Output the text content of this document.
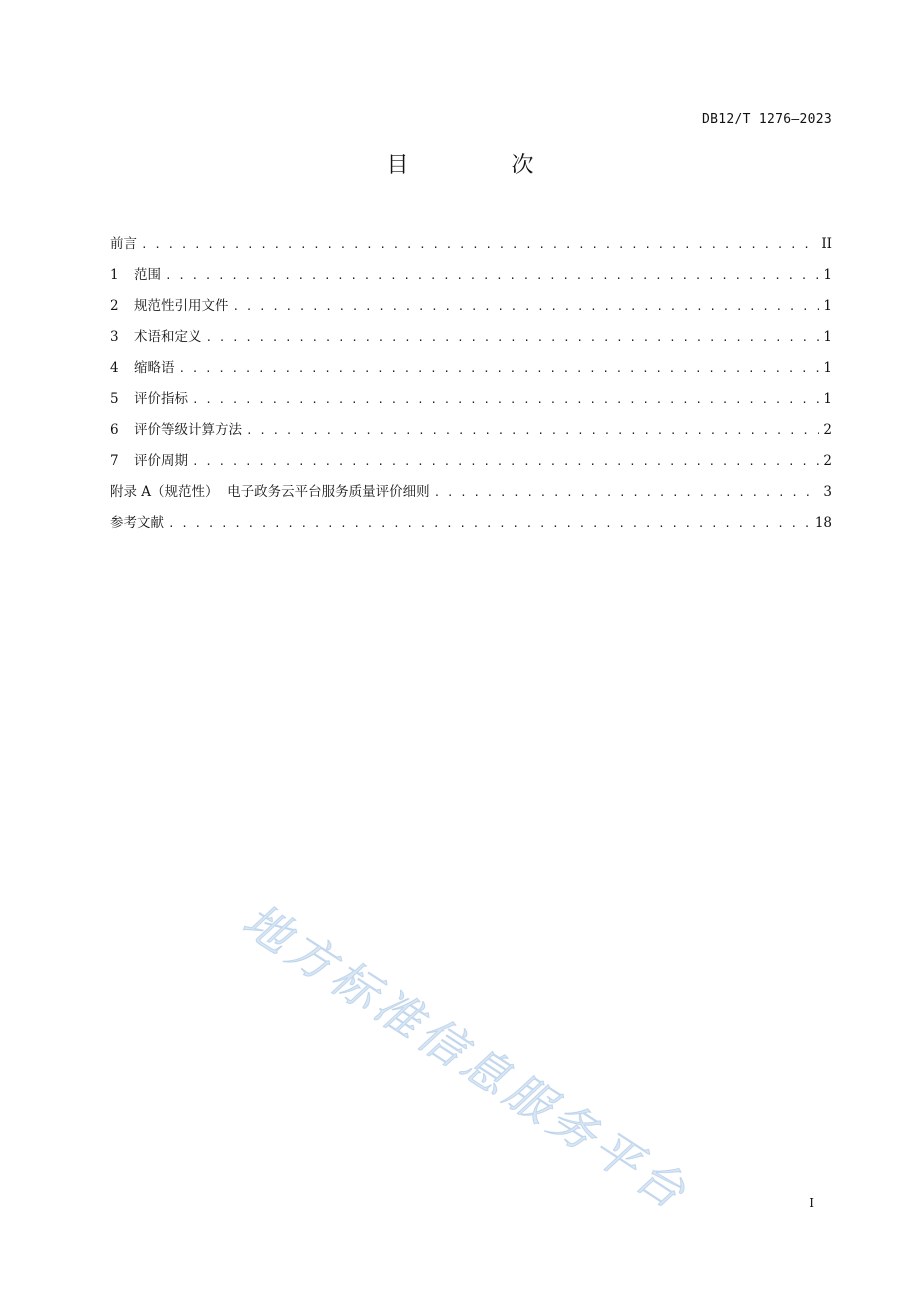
DB12/T 1276—2023
目 次
前言 . . .	II
1	范围 . . .	1
2	规范性引用文件 . . .	1
3	术语和定义 . . .	1
4	缩略语 . . .	1
5	评价指标 . . .	1
6	评价等级计算方法 . . .	2
7	评价周期 . . .	2
附录 A（规范性）  电子政务云平台服务质量评价细则 . . .	3
参考文献 . . .	18
地方标准信息服务平台	I
